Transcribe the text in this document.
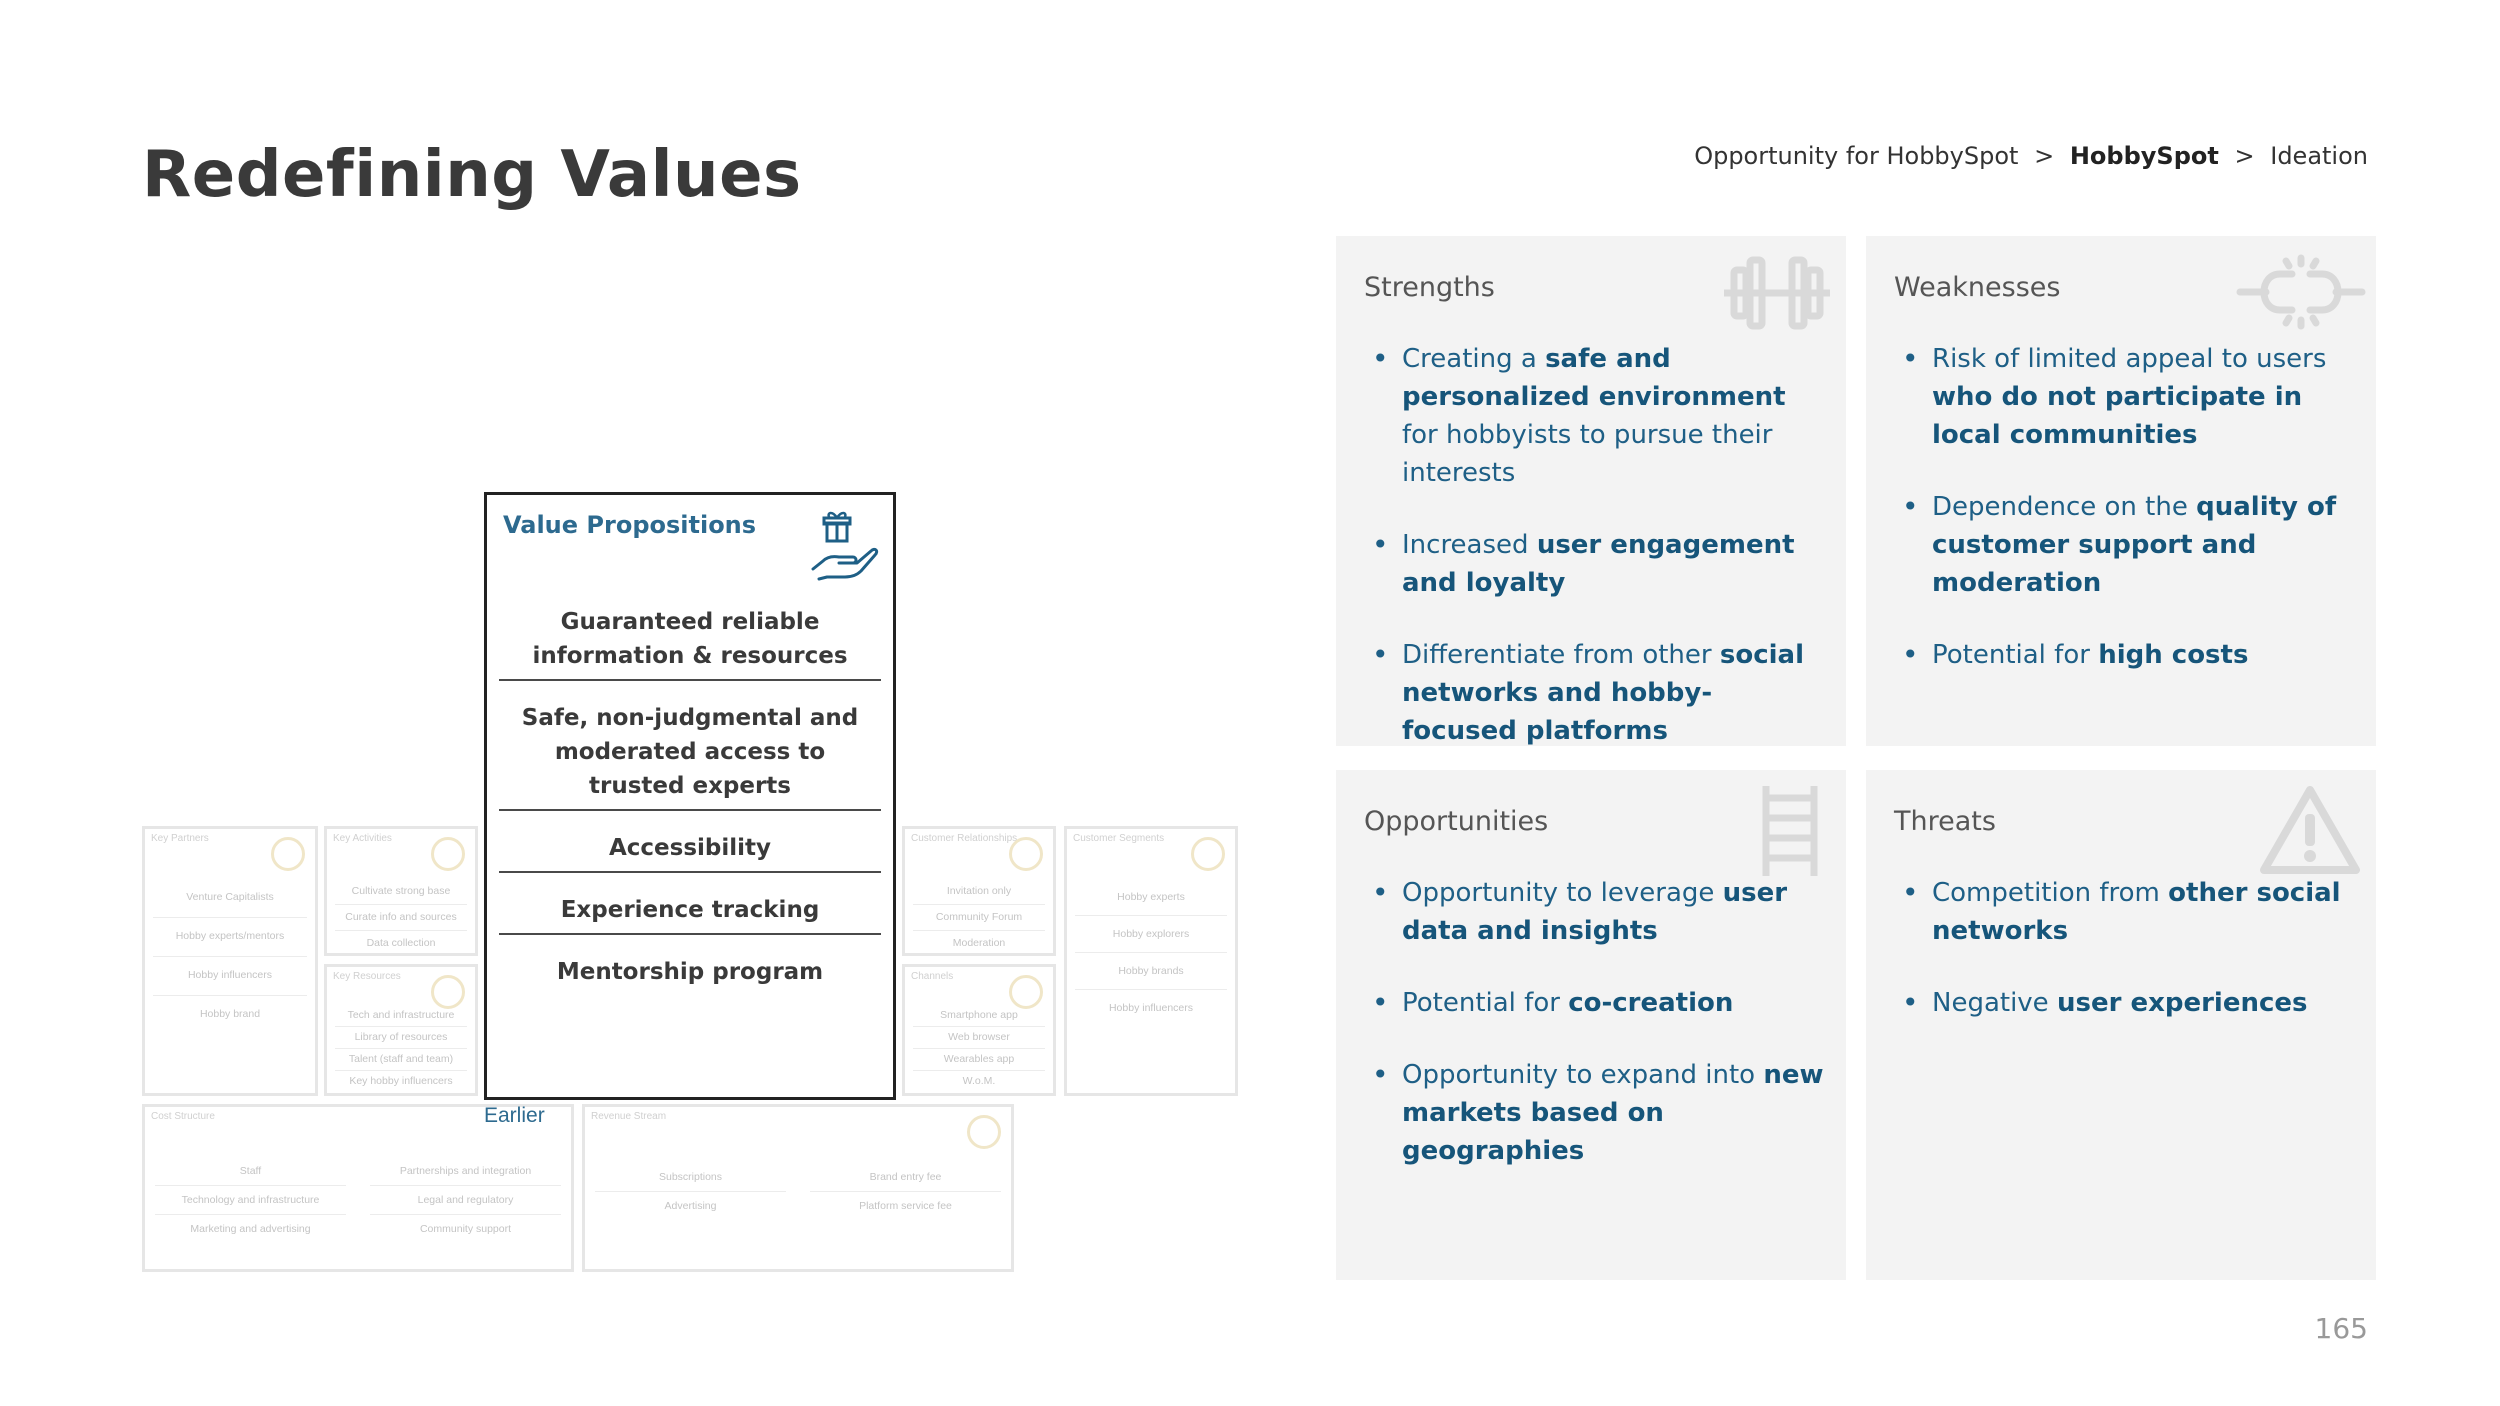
Redefining Values	Opportunity for HobbySpot > HobbySpot > Ideation
Key Partners
Venture Capitalists
Hobby experts/mentors
Hobby influencers
Hobby brand
Key Activities
Cultivate strong base
Curate info and sources
Data collection
Key Resources
Tech and infrastructure
Library of resources
Talent (staff and team)
Key hobby influencers
Customer Relationships
Invitation only
Community Forum
Moderation
Channels
Smartphone app
Web browser
Wearables app
W.o.M.
Customer Segments
Hobby experts
Hobby explorers
Hobby brands
Hobby influencers
Cost Structure
Staff
Technology and infrastructure
Marketing and advertising
Partnerships and integration
Legal and regulatory
Community support
Revenue Stream
Subscriptions
Advertising
Brand entry fee
Platform service fee
Earlier
Value Propositions
Guaranteed reliable information & resources
Safe, non-judgmental and moderated access to trusted experts
Accessibility
Experience tracking
Mentorship program
Strengths
• Creating a safe and personalized environment for hobbyists to pursue their interests
• Increased user engagement and loyalty
• Differentiate from other social networks and hobby-focused platforms
Weaknesses
• Risk of limited appeal to users who do not participate in local communities
• Dependence on the quality of customer support and moderation
• Potential for high costs
Opportunities
• Opportunity to leverage user data and insights
• Potential for co-creation
• Opportunity to expand into new markets based on geographies
Threats
• Competition from other social networks
• Negative user experiences
165
